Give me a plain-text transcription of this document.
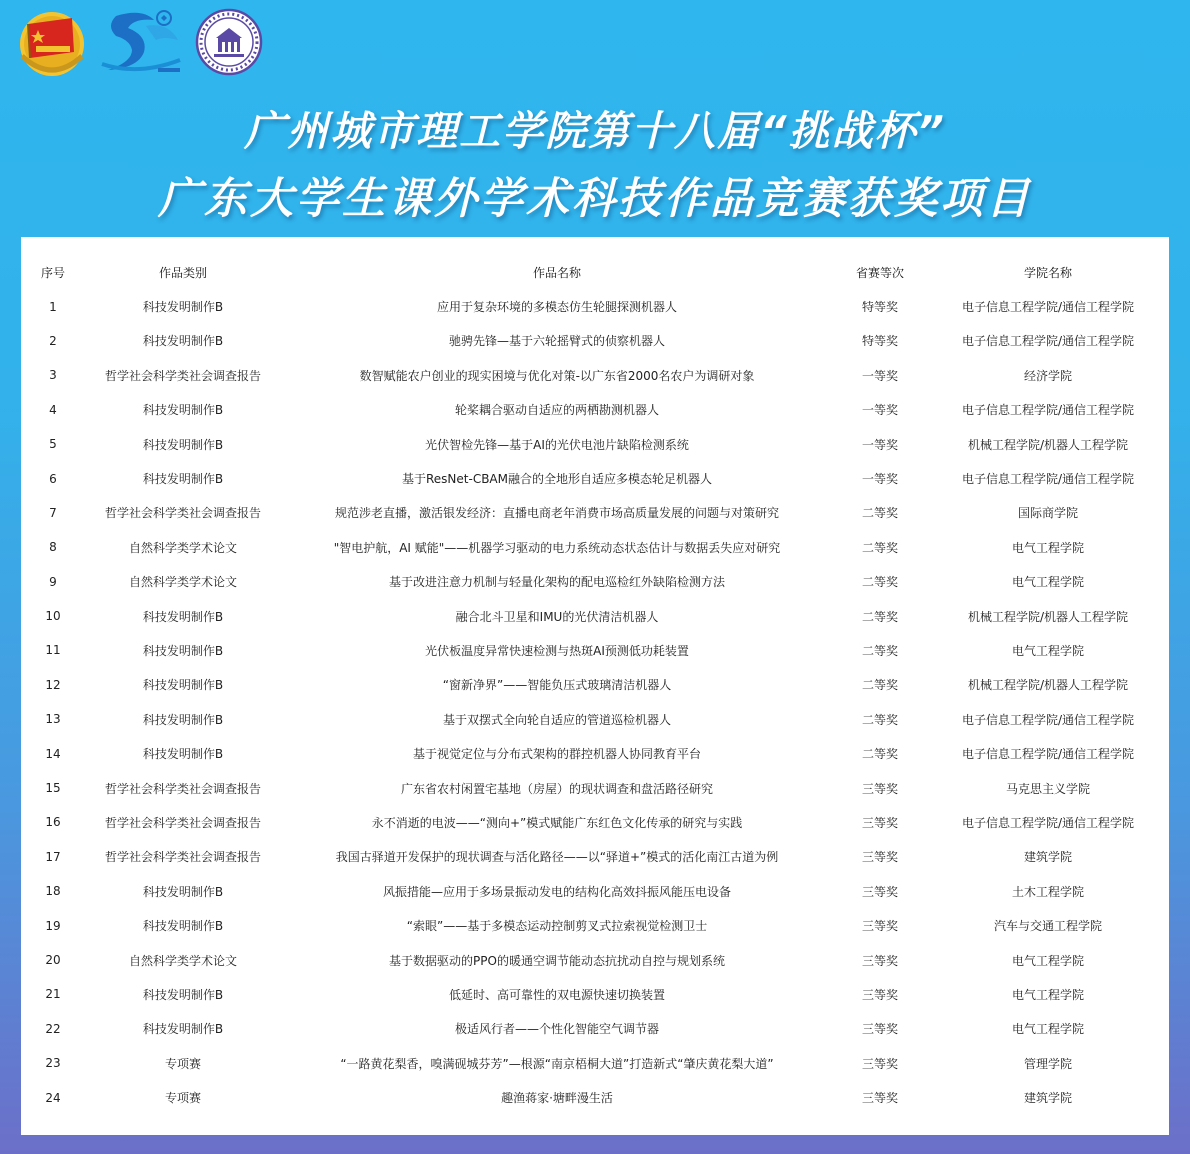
广州城市理工学院第十八届“挑战杯”
广东大学生课外学术科技作品竞赛获奖项目
序号	作品类别	作品名称	省赛等次	学院名称
1	科技发明制作B	应用于复杂环境的多模态仿生轮腿探测机器人	特等奖	电子信息工程学院/通信工程学院
2	科技发明制作B	驰骋先锋—基于六轮摇臂式的侦察机器人	特等奖	电子信息工程学院/通信工程学院
3	哲学社会科学类社会调查报告	数智赋能农户创业的现实困境与优化对策-以广东省2000名农户为调研对象	一等奖	经济学院
4	科技发明制作B	轮桨耦合驱动自适应的两栖勘测机器人	一等奖	电子信息工程学院/通信工程学院
5	科技发明制作B	光伏智检先锋—基于AI的光伏电池片缺陷检测系统	一等奖	机械工程学院/机器人工程学院
6	科技发明制作B	基于ResNet-CBAM融合的全地形自适应多模态轮足机器人	一等奖	电子信息工程学院/通信工程学院
7	哲学社会科学类社会调查报告	规范涉老直播，激活银发经济：直播电商老年消费市场高质量发展的问题与对策研究	二等奖	国际商学院
8	自然科学类学术论文	"智电护航，AI 赋能"——机器学习驱动的电力系统动态状态估计与数据丢失应对研究	二等奖	电气工程学院
9	自然科学类学术论文	基于改进注意力机制与轻量化架构的配电巡检红外缺陷检测方法	二等奖	电气工程学院
10	科技发明制作B	融合北斗卫星和IMU的光伏清洁机器人	二等奖	机械工程学院/机器人工程学院
11	科技发明制作B	光伏板温度异常快速检测与热斑AI预测低功耗装置	二等奖	电气工程学院
12	科技发明制作B	“窗新净界”——智能负压式玻璃清洁机器人	二等奖	机械工程学院/机器人工程学院
13	科技发明制作B	基于双摆式全向轮自适应的管道巡检机器人	二等奖	电子信息工程学院/通信工程学院
14	科技发明制作B	基于视觉定位与分布式架构的群控机器人协同教育平台	二等奖	电子信息工程学院/通信工程学院
15	哲学社会科学类社会调查报告	广东省农村闲置宅基地（房屋）的现状调查和盘活路径研究	三等奖	马克思主义学院
16	哲学社会科学类社会调查报告	永不消逝的电波——“测向+”模式赋能广东红色文化传承的研究与实践	三等奖	电子信息工程学院/通信工程学院
17	哲学社会科学类社会调查报告	我国古驿道开发保护的现状调查与活化路径——以“驿道+”模式的活化南江古道为例	三等奖	建筑学院
18	科技发明制作B	风振措能—应用于多场景振动发电的结构化高效抖振风能压电设备	三等奖	土木工程学院
19	科技发明制作B	“索眼”——基于多模态运动控制剪叉式拉索视觉检测卫士	三等奖	汽车与交通工程学院
20	自然科学类学术论文	基于数据驱动的PPO的暖通空调节能动态抗扰动自控与规划系统	三等奖	电气工程学院
21	科技发明制作B	低延时、高可靠性的双电源快速切换装置	三等奖	电气工程学院
22	科技发明制作B	极适风行者——个性化智能空气调节器	三等奖	电气工程学院
23	专项赛	“一路黄花梨香，嗅满砚城芬芳”—根源“南京梧桐大道”打造新式“肇庆黄花梨大道”	三等奖	管理学院
24	专项赛	趣渔蒋家·塘畔漫生活	三等奖	建筑学院
